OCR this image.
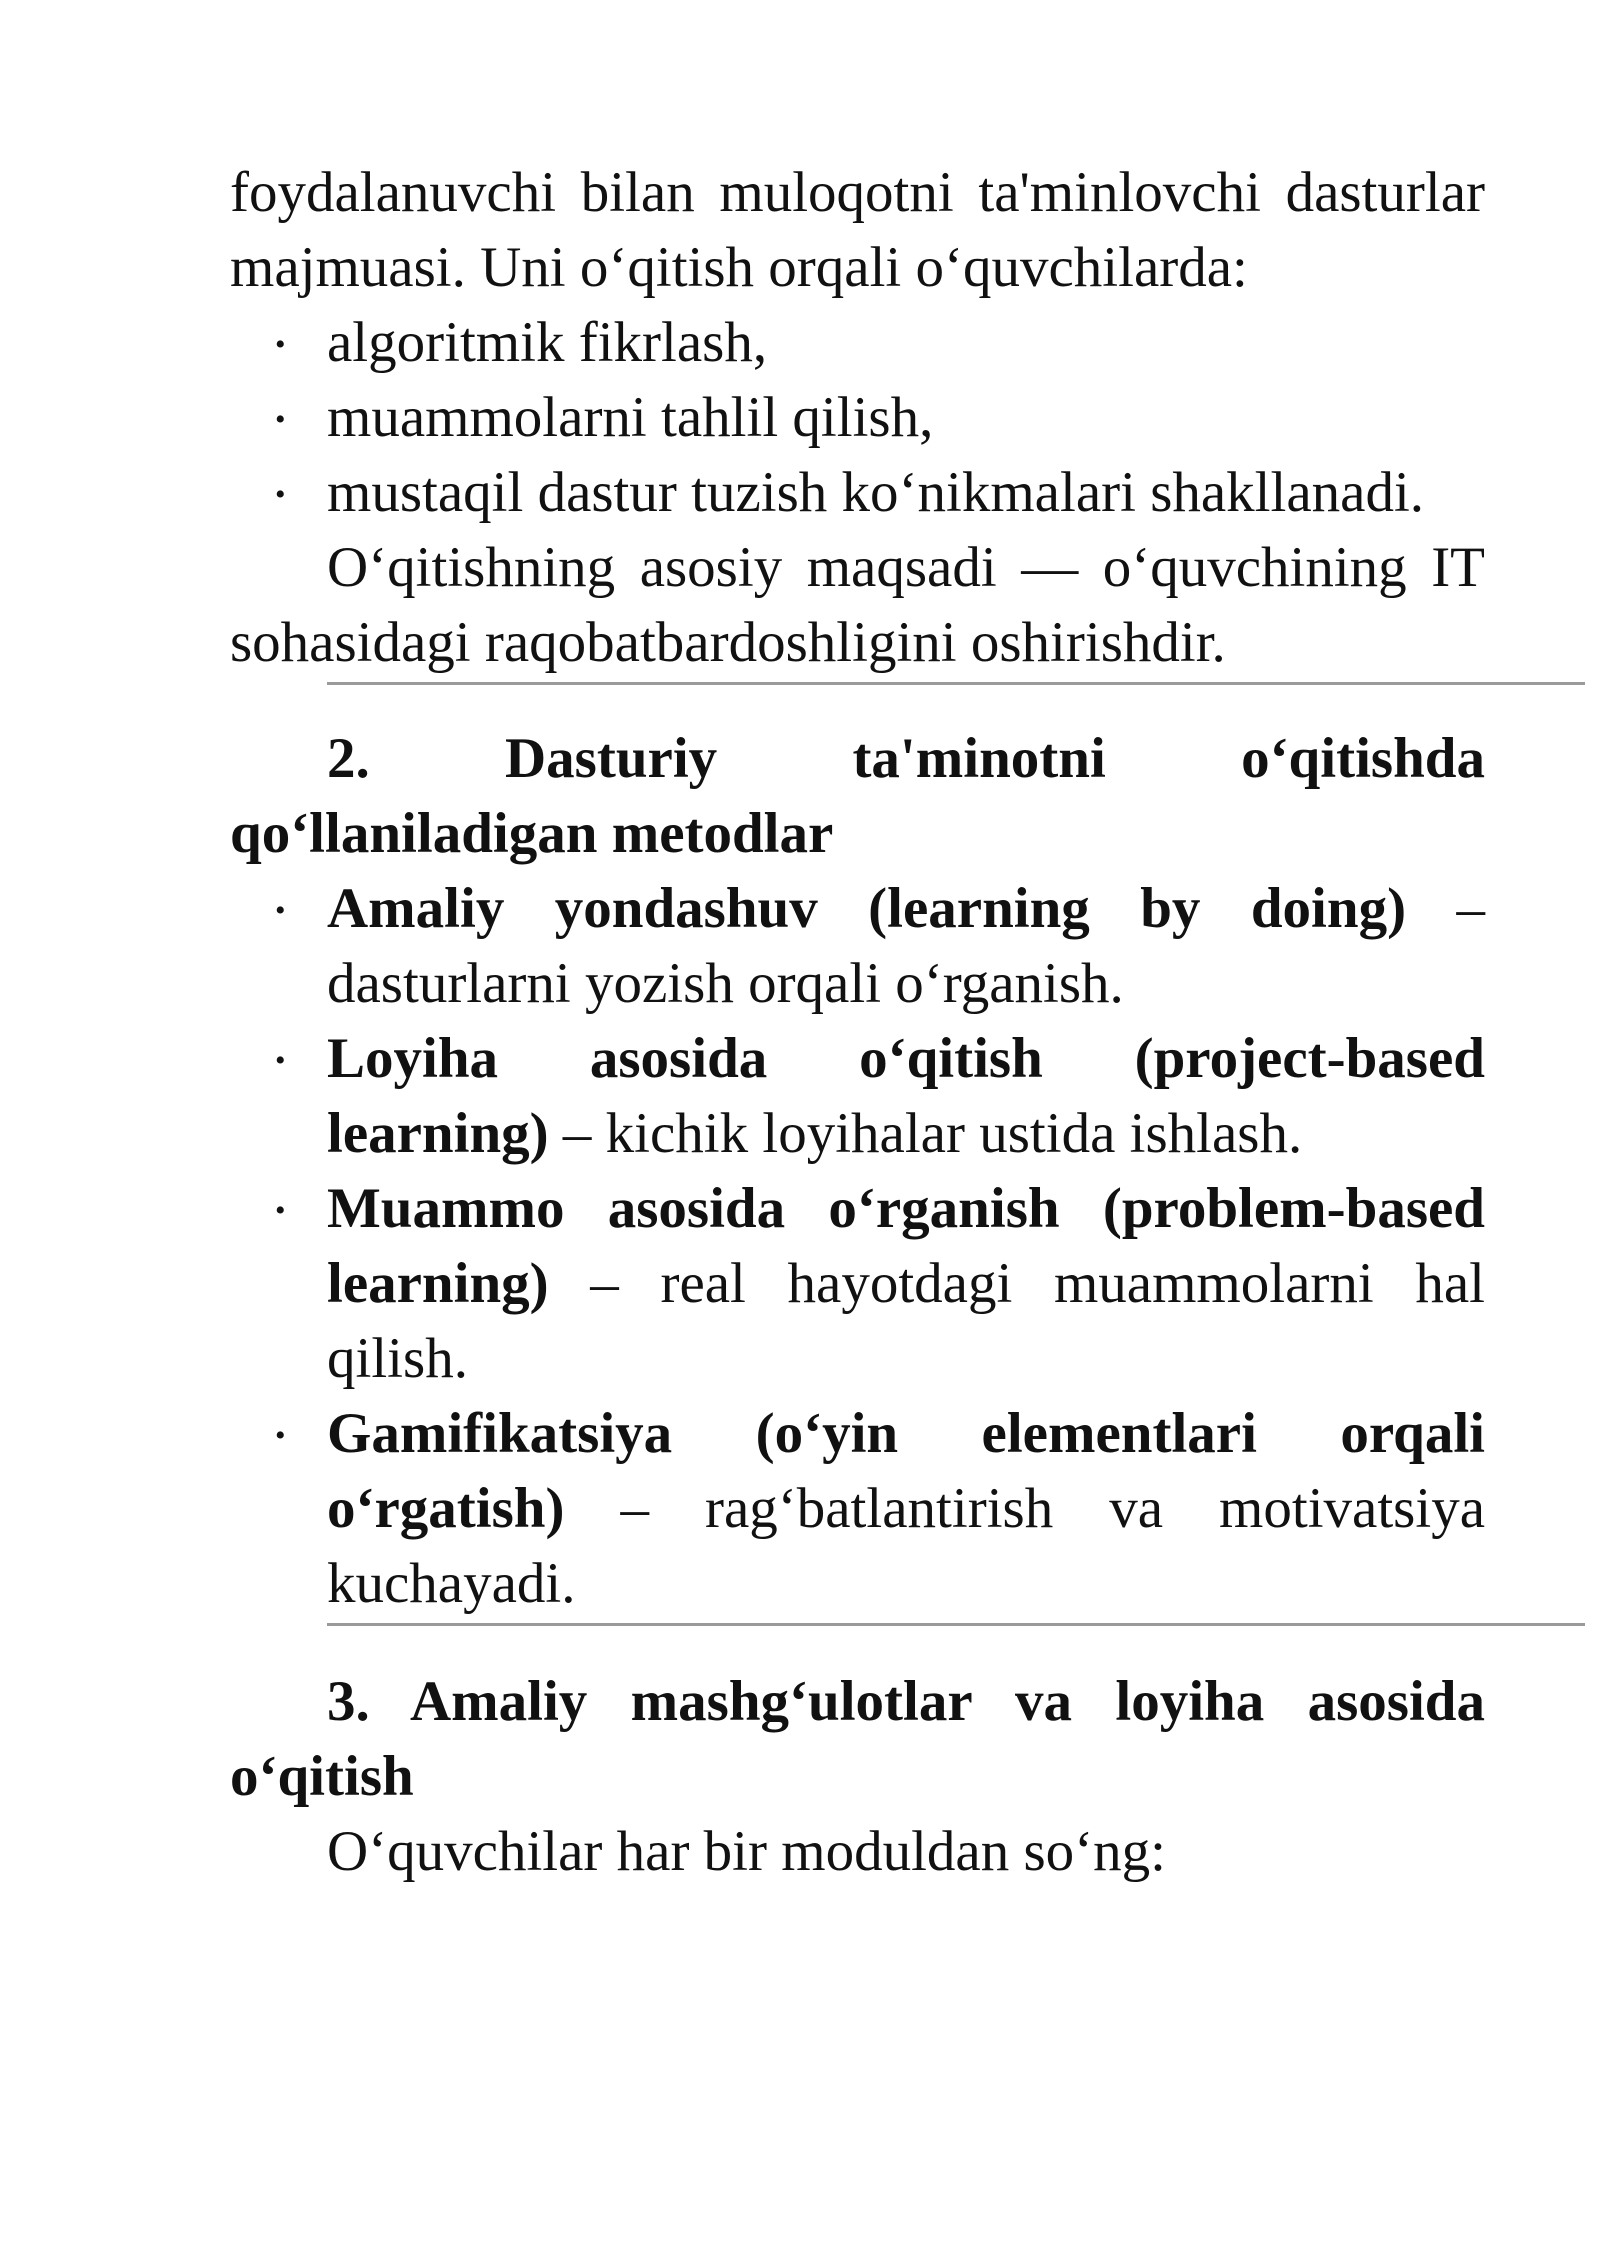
foydalanuvchi bilan muloqotni ta'minlovchi dasturlar majmuasi. Uni o‘qitish orqali o‘quvchilarda:

• algoritmik fikrlash,
• muammolarni tahlil qilish,
• mustaqil dastur tuzish ko‘nikmalari shakllanadi.

O‘qitishning asosiy maqsadi — o‘quvchining IT sohasidagi raqobatbardoshligini oshirishdir.

2. Dasturiy ta'minotni o‘qitishda qo‘llaniladigan metodlar

• Amaliy yondashuv (learning by doing) – dasturlarni yozish orqali o‘rganish.
• Loyiha asosida o‘qitish (project-based learning) – kichik loyihalar ustida ishlash.
• Muammo asosida o‘rganish (problem-based learning) – real hayotdagi muammolarni hal qilish.
• Gamifikatsiya (o‘yin elementlari orqali o‘rgatish) – rag‘batlantirish va motivatsiya kuchayadi.

3. Amaliy mashg‘ulotlar va loyiha asosida o‘qitish

O‘quvchilar har bir moduldan so‘ng:
